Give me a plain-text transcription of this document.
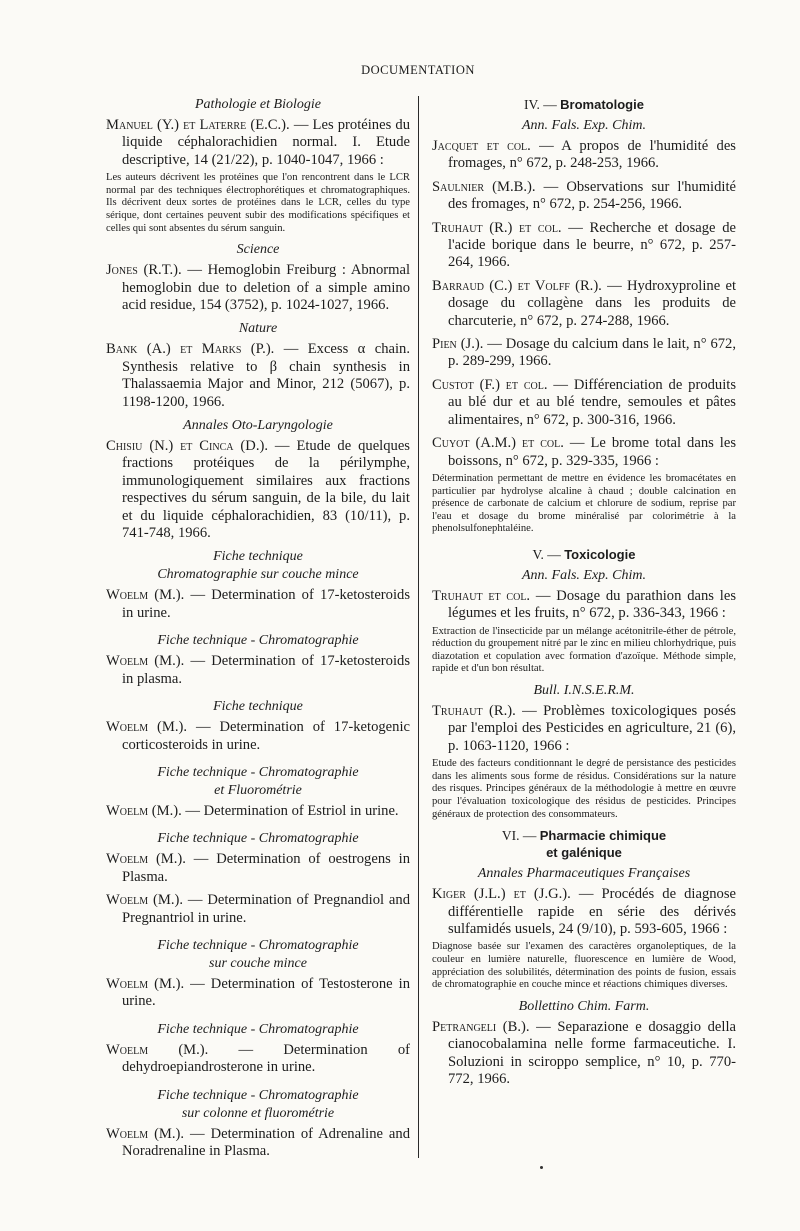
DOCUMENTATION
Pathologie et Biologie
Manuel (Y.) et Laterre (E.C.). — Les protéines du liquide céphalorachidien normal. I. Etude descriptive, 14 (21/22), p. 1040-1047, 1966 :
Les auteurs décrivent les protéines que l'on rencontrent dans le LCR normal par des techniques électrophorétiques et chromatographiques. Ils décrivent deux sortes de protéines dans le LCR, celles du type sérique, dont certaines peuvent subir des modifications spécifiques et celles qui sont absentes du sérum sanguin.
Science
Jones (R.T.). — Hemoglobin Freiburg : Abnormal hemoglobin due to deletion of a simple amino acid residue, 154 (3752), p. 1024-1027, 1966.
Nature
Bank (A.) et Marks (P.). — Excess α chain. Synthesis relative to β chain synthesis in Thalassaemia Major and Minor, 212 (5067), p. 1198-1200, 1966.
Annales Oto-Laryngologie
Chisiu (N.) et Cinca (D.). — Etude de quelques fractions protéiques de la périlymphe, immunologiquement similaires aux fractions respectives du sérum sanguin, de la bile, du lait et du liquide céphalorachidien, 83 (10/11), p. 741-748, 1966.
Fiche technique
Chromatographie sur couche mince
Woelm (M.). — Determination of 17-ketosteroids in urine.
Fiche technique - Chromatographie
Woelm (M.). — Determination of 17-ketosteroids in plasma.
Fiche technique
Woelm (M.). — Determination of 17-ketogenic corticosteroids in urine.
Fiche technique - Chromatographie
et Fluorométrie
Woelm (M.). — Determination of Estriol in urine.
Fiche technique - Chromatographie
Woelm (M.). — Determination of oestrogens in Plasma.
Woelm (M.). — Determination of Pregnandiol and Pregnantriol in urine.
Fiche technique - Chromatographie
sur couche mince
Woelm (M.). — Determination of Testosterone in urine.
Fiche technique - Chromatographie
Woelm (M.). — Determination of dehydroepiandrosterone in urine.
Fiche technique - Chromatographie
sur colonne et fluorométrie
Woelm (M.). — Determination of Adrenaline and Noradrenaline in Plasma.
IV. — Bromatologie
Ann. Fals. Exp. Chim.
Jacquet et col. — A propos de l'humidité des fromages, n° 672, p. 248-253, 1966.
Saulnier (M.B.). — Observations sur l'humidité des fromages, n° 672, p. 254-256, 1966.
Truhaut (R.) et col. — Recherche et dosage de l'acide borique dans le beurre, n° 672, p. 257-264, 1966.
Barraud (C.) et Volff (R.). — Hydroxyproline et dosage du collagène dans les produits de charcuterie, n° 672, p. 274-288, 1966.
Pien (J.). — Dosage du calcium dans le lait, n° 672, p. 289-299, 1966.
Custot (F.) et col. — Différenciation de produits au blé dur et au blé tendre, semoules et pâtes alimentaires, n° 672, p. 300-316, 1966.
Cuyot (A.M.) et col. — Le brome total dans les boissons, n° 672, p. 329-335, 1966 :
Détermination permettant de mettre en évidence les bromacétates en particulier par hydrolyse alcaline à chaud ; double calcination en présence de carbonate de calcium et chlorure de sodium, reprise par l'eau et dosage du brome minéralisé par colorimétrie à la phenolsulfonephtaléine.
V. — Toxicologie
Ann. Fals. Exp. Chim.
Truhaut et col. — Dosage du parathion dans les légumes et les fruits, n° 672, p. 336-343, 1966 :
Extraction de l'insecticide par un mélange acétonitrile-éther de pétrole, réduction du groupement nitré par le zinc en milieu chlorhydrique, puis diazotation et copulation avec formation d'azoïque. Méthode simple, rapide et d'un bon résultat.
Bull. I.N.S.E.R.M.
Truhaut (R.). — Problèmes toxicologiques posés par l'emploi des Pesticides en agriculture, 21 (6), p. 1063-1120, 1966 :
Etude des facteurs conditionnant le degré de persistance des pesticides dans les aliments sous forme de résidus. Considérations sur la nature des risques. Principes généraux de la méthodologie à mettre en œuvre pour l'évaluation toxicologique des résidus de pesticides. Principes généraux de protection des consommateurs.
VI. — Pharmacie chimique
et galénique
Annales Pharmaceutiques Françaises
Kiger (J.L.) et (J.G.). — Procédés de diagnose différentielle rapide en série des dérivés sulfamidés usuels, 24 (9/10), p. 593-605, 1966 :
Diagnose basée sur l'examen des caractères organoleptiques, de la couleur en lumière naturelle, fluorescence en lumière de Wood, appréciation des solubilités, détermination des points de fusion, essais de chromatographie en couche mince et réactions chimiques diverses.
Bollettino Chim. Farm.
Petrangeli (B.). — Separazione e dosaggio della cianocobalamina nelle forme farmaceutiche. I. Soluzioni in sciroppo semplice, n° 10, p. 770-772, 1966.
